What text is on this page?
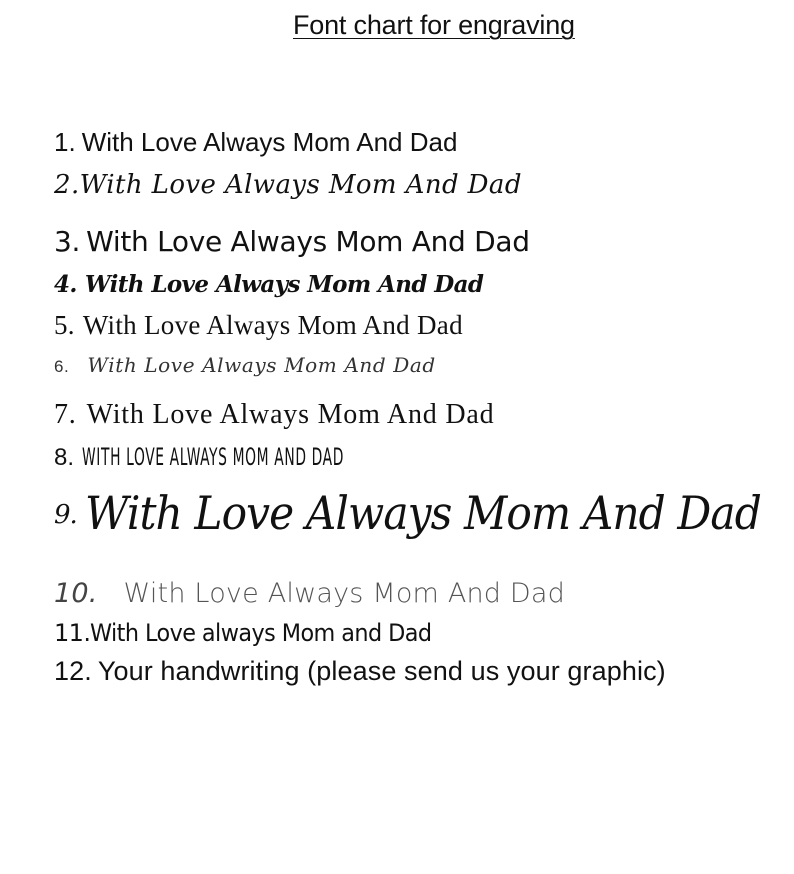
Font chart for engraving
1. With Love Always Mom And Dad
2.With Love Always Mom And Dad
3. With Love Always Mom And Dad
4. With Love Always Mom And Dad
5. With Love Always Mom And Dad
6. With Love Always Mom And Dad
7. With Love Always Mom And Dad
8. WITH LOVE ALWAYS MOM AND DAD
9. With Love Always Mom And Dad
10. With Love Always Mom And Dad
11.With Love always Mom and Dad
12. Your handwriting (please send us your graphic)
